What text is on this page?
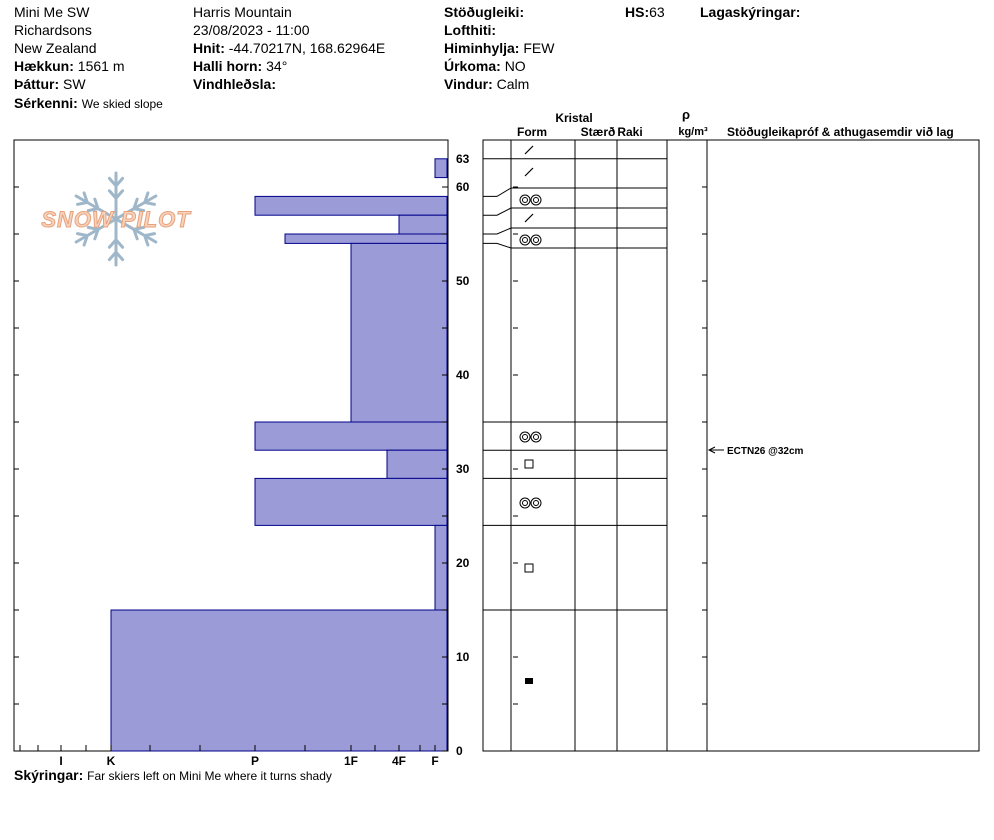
Mini Me SW
Richardsons
New Zealand
Hækkun: 1561 m
Þáttur: SW
Sérkenni: We skied slope
Harris Mountain
23/08/2023 - 11:00
Hnit: -44.70217N, 168.62964E
Halli horn: 34°
Vindhleðsla:
Stöðugleiki:
Lofthiti:
Himinhylja: FEW
Úrkoma: NO
Vindur: Calm
HS:63	Lagaskýringar:
Skýringar: Far skiers left on Mini Me where it turns shady
SNOW PILOT
0
10
20
30
40
50
60
63
I	K	P	1F	4F F
ECTN26 @32cm
Kristal
Form	Stærð Raki
ρ
kg/m³ Stöðugleikapróf & athugasemdir við lag
